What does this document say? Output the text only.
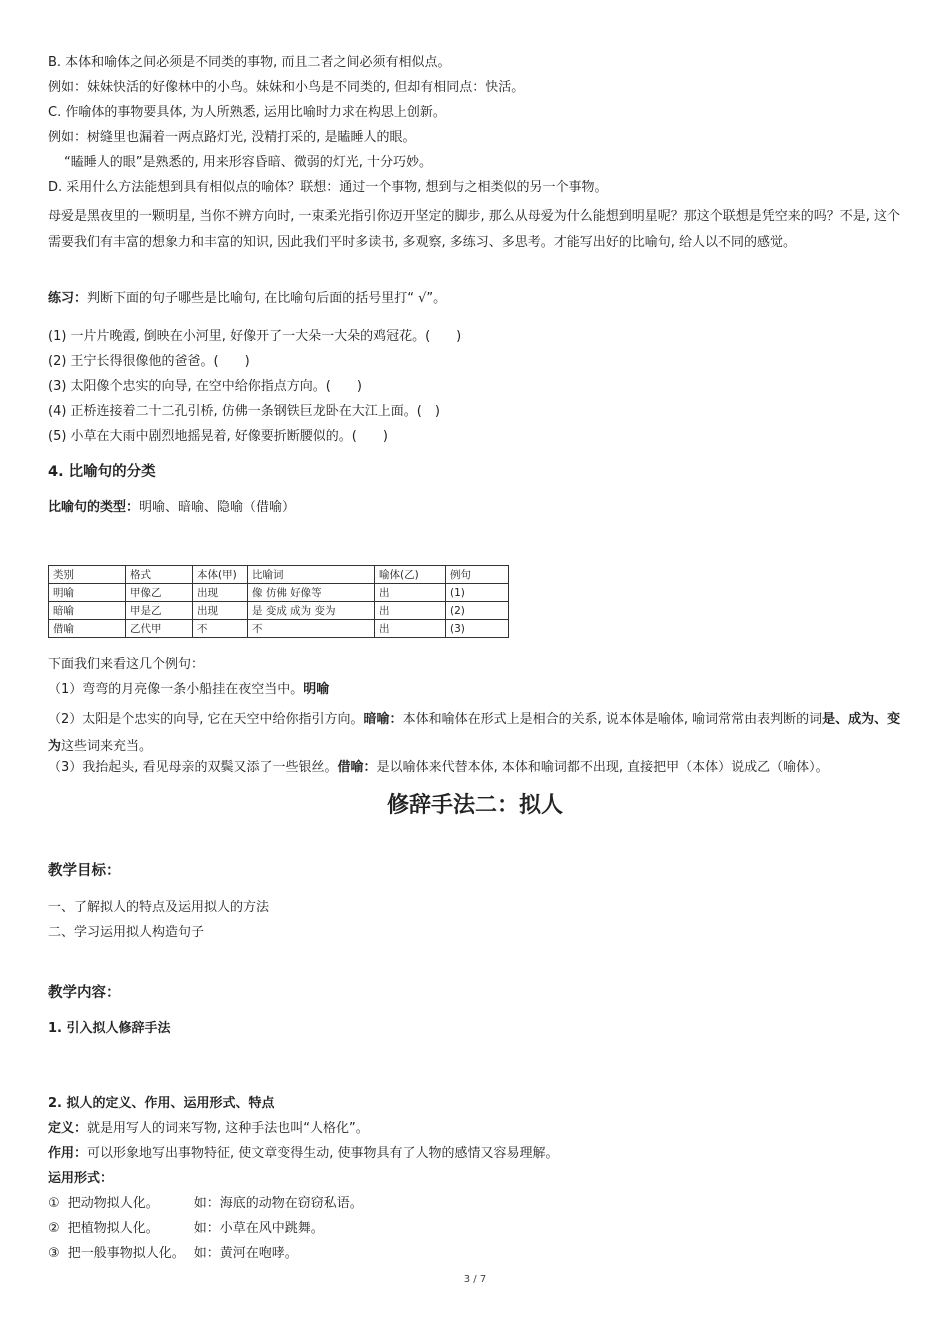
B. 本体和喻体之间必须是不同类的事物, 而且二者之间必须有相似点。
例如：妹妹快活的好像林中的小鸟。妹妹和小鸟是不同类的, 但却有相同点：快活。
C. 作喻体的事物要具体, 为人所熟悉, 运用比喻时力求在构思上创新。
例如：树缝里也漏着一两点路灯光, 没精打采的, 是瞌睡人的眼。
“瞌睡人的眼”是熟悉的, 用来形容昏暗、微弱的灯光, 十分巧妙。
D. 采用什么方法能想到具有相似点的喻体？联想：通过一个事物, 想到与之相类似的另一个事物。
母爱是黑夜里的一颗明星, 当你不辨方向时, 一束柔光指引你迈开坚定的脚步, 那么从母爱为什么能想到明星呢？那这个联想是凭空来的吗？不是, 这个需要我们有丰富的想象力和丰富的知识, 因此我们平时多读书, 多观察, 多练习、多思考。才能写出好的比喻句, 给人以不同的感觉。
练习：判断下面的句子哪些是比喻句, 在比喻句后面的括号里打“ √”。
(1) 一片片晚霞, 倒映在小河里, 好像开了一大朵一大朵的鸡冠花。(　　)
(2) 王宁长得很像他的爸爸。(　　)
(3) 太阳像个忠实的向导, 在空中给你指点方向。(　　)
(4) 正桥连接着二十二孔引桥, 仿佛一条钢铁巨龙卧在大江上面。(　)
(5) 小草在大雨中剧烈地摇晃着, 好像要折断腰似的。(　　)
4. 比喻句的分类
比喻句的类型：明喻、暗喻、隐喻（借喻）
类别	格式	本体(甲)	比喻词	喻体(乙)	例句
明喻	甲像乙	出现	像 仿佛 好像等	出	(1)
暗喻	甲是乙	出现	是 变成 成为 变为	出	(2)
借喻	乙代甲	不	不	出	(3)
下面我们来看这几个例句：
（1）弯弯的月亮像一条小船挂在夜空当中。明喻
（2）太阳是个忠实的向导, 它在天空中给你指引方向。暗喻：本体和喻体在形式上是相合的关系, 说本体是喻体, 喻词常常由表判断的词是、成为、变为这些词来充当。
（3）我抬起头, 看见母亲的双鬓又添了一些银丝。借喻：是以喻体来代替本体, 本体和喻词都不出现, 直接把甲（本体）说成乙（喻体）。
修辞手法二：拟人
教学目标：
一、了解拟人的特点及运用拟人的方法
二、学习运用拟人构造句子
教学内容：
1. 引入拟人修辞手法
2. 拟人的定义、作用、运用形式、特点
定义：就是用写人的词来写物, 这种手法也叫“人格化”。
作用：可以形象地写出事物特征, 使文章变得生动, 使事物具有了人物的感情又容易理解。
运用形式：
① 把动物拟人化。	如：海底的动物在窃窃私语。
② 把植物拟人化。	如：小草在风中跳舞。
③ 把一般事物拟人化。 如：黄河在咆哮。
3 / 7
